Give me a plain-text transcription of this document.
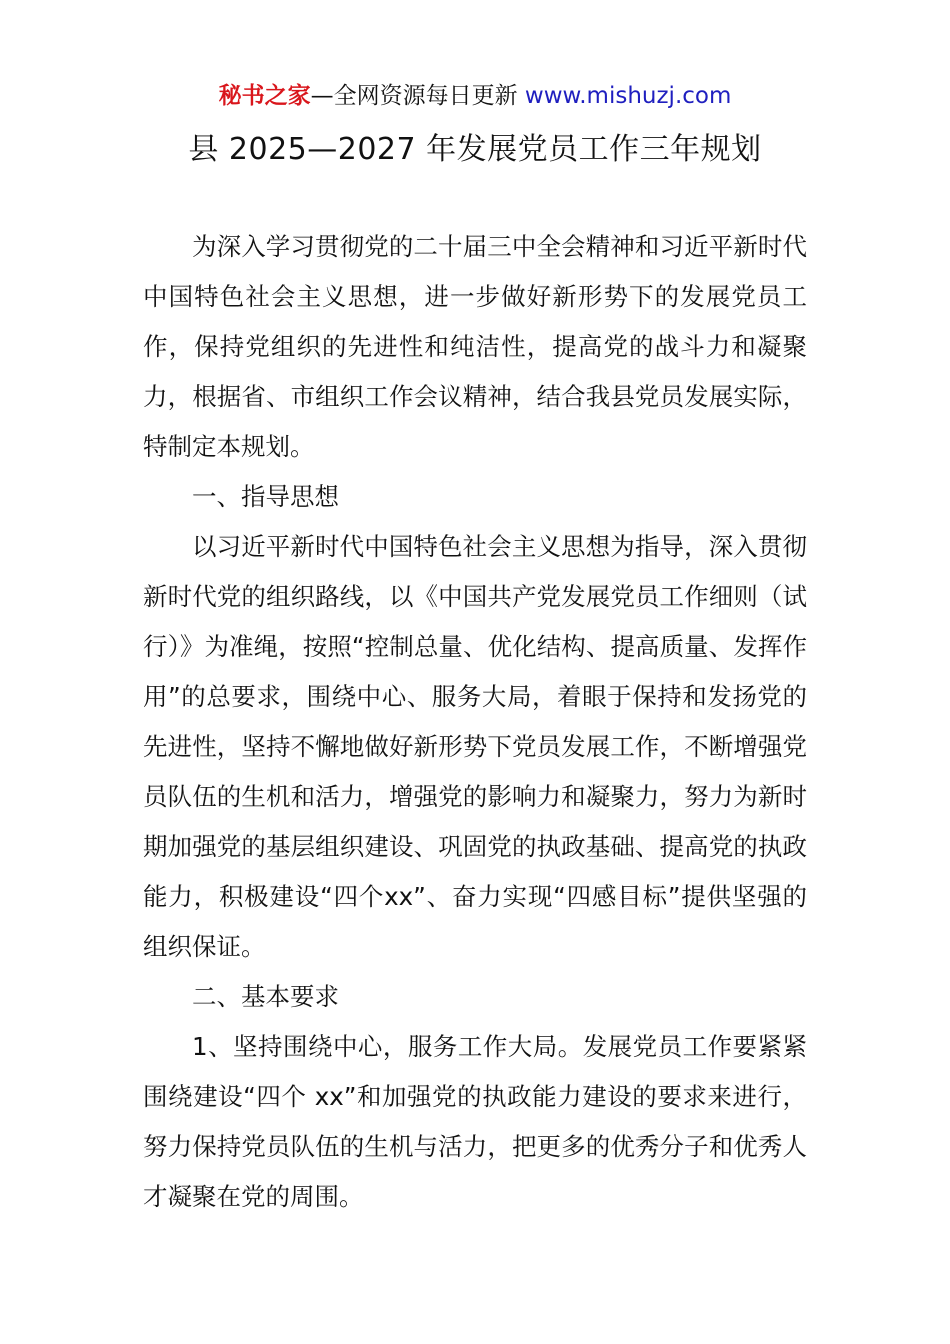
秘书之家—全网资源每日更新 www.mishuzj.com
县 2025—2027 年发展党员工作三年规划

为深入学习贯彻党的二十届三中全会精神和习近平新时代中国特色社会主义思想，进一步做好新形势下的发展党员工作，保持党组织的先进性和纯洁性，提高党的战斗力和凝聚力，根据省、市组织工作会议精神，结合我县党员发展实际，特制定本规划。

一、指导思想

以习近平新时代中国特色社会主义思想为指导，深入贯彻新时代党的组织路线，以《中国共产党发展党员工作细则（试行）》为准绳，按照“控制总量、优化结构、提高质量、发挥作用”的总要求，围绕中心、服务大局，着眼于保持和发扬党的先进性，坚持不懈地做好新形势下党员发展工作，不断增强党员队伍的生机和活力，增强党的影响力和凝聚力，努力为新时期加强党的基层组织建设、巩固党的执政基础、提高党的执政能力，积极建设“四个xx”、奋力实现“四感目标”提供坚强的组织保证。

二、基本要求

1、坚持围绕中心，服务工作大局。发展党员工作要紧紧围绕建设“四个 xx”和加强党的执政能力建设的要求来进行，努力保持党员队伍的生机与活力，把更多的优秀分子和优秀人才凝聚在党的周围。
